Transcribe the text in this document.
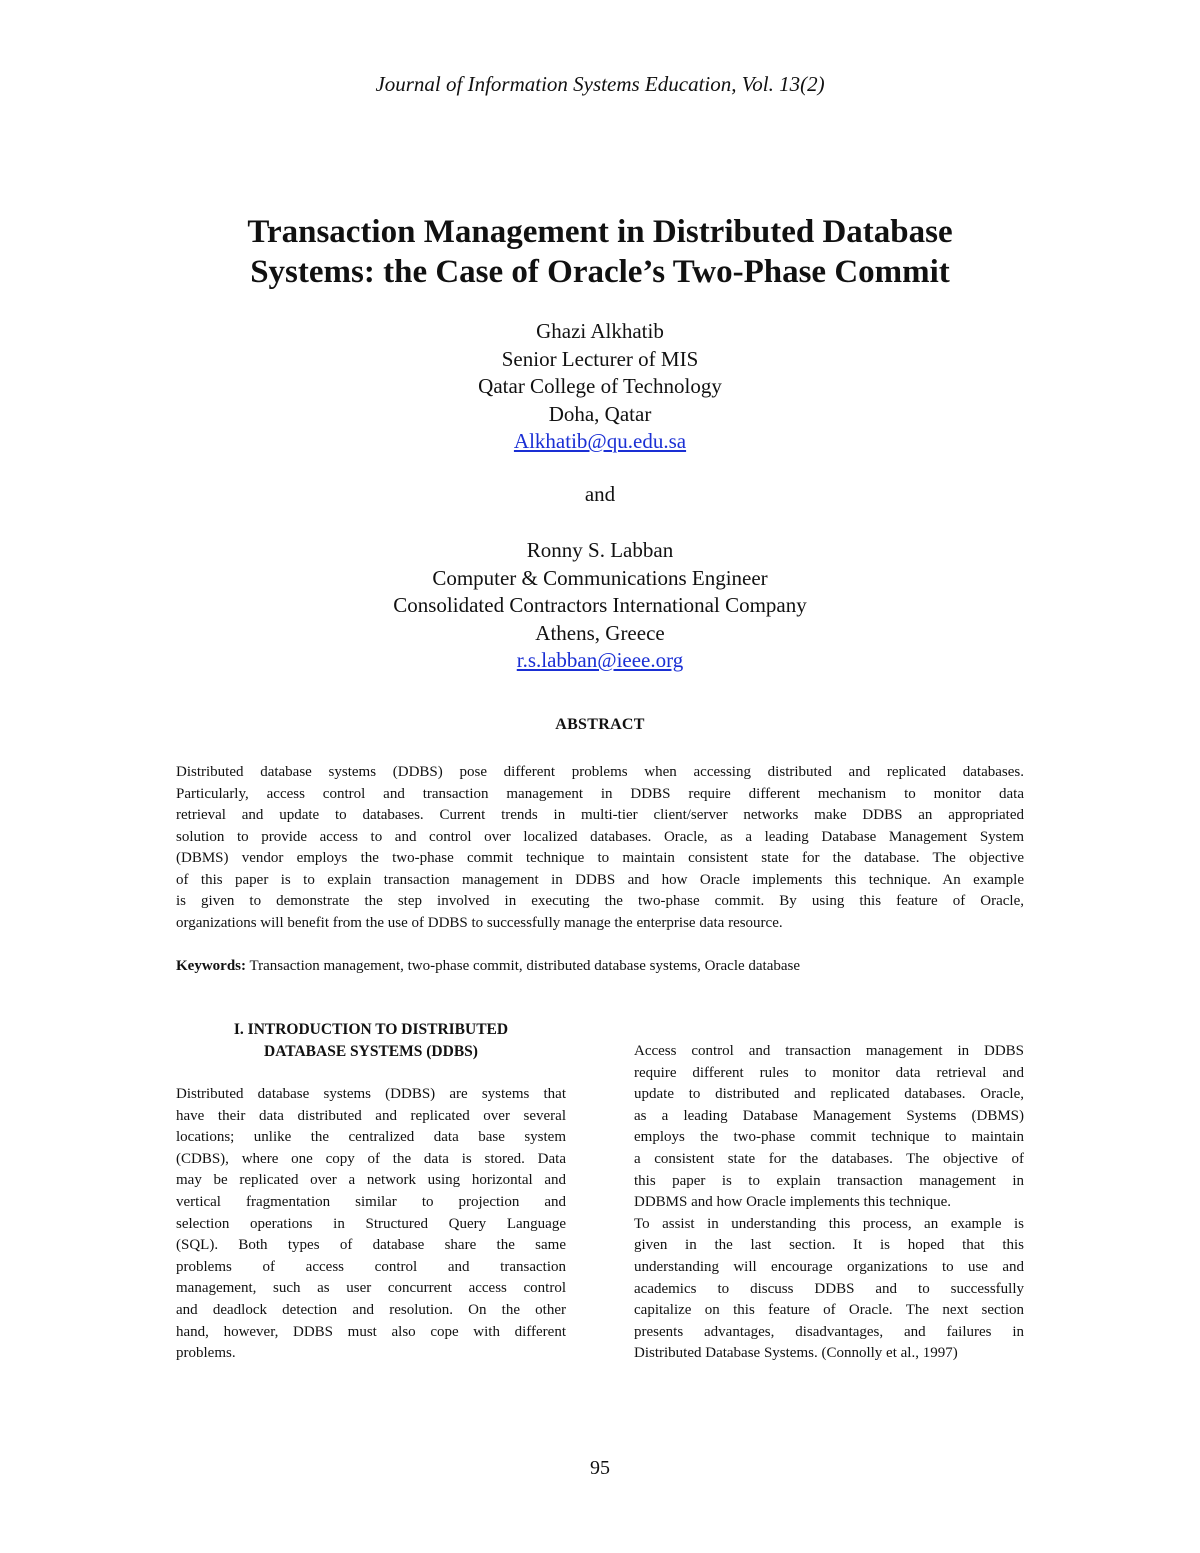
Journal of Information Systems Education, Vol. 13(2)
Transaction Management in Distributed Database
Systems: the Case of Oracle’s Two-Phase Commit
Ghazi Alkhatib
Senior Lecturer of MIS
Qatar College of Technology
Doha, Qatar
Alkhatib@qu.edu.sa
and
Ronny S. Labban
Computer & Communications Engineer
Consolidated Contractors International Company
Athens, Greece
r.s.labban@ieee.org
ABSTRACT
Distributed database systems (DDBS) pose different problems when accessing distributed and replicated databases.
Particularly, access control and transaction management in DDBS require different mechanism to monitor data
retrieval and update to databases. Current trends in multi-tier client/server networks make DDBS an appropriated
solution to provide access to and control over localized databases. Oracle, as a leading Database Management System
(DBMS) vendor employs the two-phase commit technique to maintain consistent state for the database. The objective
of this paper is to explain transaction management in DDBS and how Oracle implements this technique. An example
is given to demonstrate the step involved in executing the two-phase commit. By using this feature of Oracle,
organizations will benefit from the use of DDBS to successfully manage the enterprise data resource.
Keywords: Transaction management, two-phase commit, distributed database systems, Oracle database
I. INTRODUCTION TO DISTRIBUTED
DATABASE SYSTEMS (DDBS)
Distributed database systems (DDBS) are systems that
have their data distributed and replicated over several
locations; unlike the centralized data base system
(CDBS), where one copy of the data is stored. Data
may be replicated over a network using horizontal and
vertical fragmentation similar to projection and
selection operations in Structured Query Language
(SQL). Both types of database share the same
problems of access control and transaction
management, such as user concurrent access control
and deadlock detection and resolution. On the other
hand, however, DDBS must also cope with different
problems.
Access control and transaction management in DDBS
require different rules to monitor data retrieval and
update to distributed and replicated databases. Oracle,
as a leading Database Management Systems (DBMS)
employs the two-phase commit technique to maintain
a consistent state for the databases. The objective of
this paper is to explain transaction management in
DDBMS and how Oracle implements this technique.
To assist in understanding this process, an example is
given in the last section. It is hoped that this
understanding will encourage organizations to use and
academics to discuss DDBS and to successfully
capitalize on this feature of Oracle. The next section
presents advantages, disadvantages, and failures in
Distributed Database Systems. (Connolly et al., 1997)
95
